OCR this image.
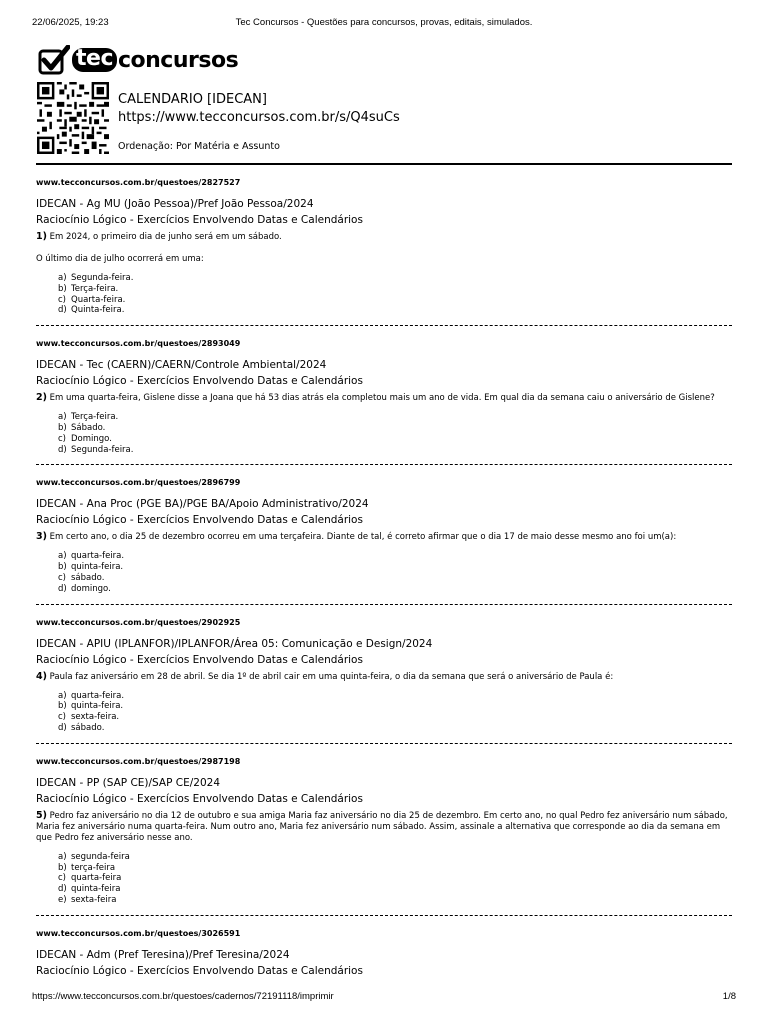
22/06/2025, 19:23	Tec Concursos - Questões para concursos, provas, editais, simulados.
tec concursos
CALENDARIO [IDECAN]
https://www.tecconcursos.com.br/s/Q4suCs
Ordenação: Por Matéria e Assunto
www.tecconcursos.com.br/questoes/2827527
IDECAN - Ag MU (João Pessoa)/Pref João Pessoa/2024
Raciocínio Lógico - Exercícios Envolvendo Datas e Calendários
1) Em 2024, o primeiro dia de junho será em um sábado.
O último dia de julho ocorrerá em uma:
a) Segunda-feira.
b) Terça-feira.
c) Quarta-feira.
d) Quinta-feira.
www.tecconcursos.com.br/questoes/2893049
IDECAN - Tec (CAERN)/CAERN/Controle Ambiental/2024
Raciocínio Lógico - Exercícios Envolvendo Datas e Calendários
2) Em uma quarta-feira, Gislene disse a Joana que há 53 dias atrás ela completou mais um ano de vida. Em qual dia da semana caiu o aniversário de Gislene?
a) Terça-feira.
b) Sábado.
c) Domingo.
d) Segunda-feira.
www.tecconcursos.com.br/questoes/2896799
IDECAN - Ana Proc (PGE BA)/PGE BA/Apoio Administrativo/2024
Raciocínio Lógico - Exercícios Envolvendo Datas e Calendários
3) Em certo ano, o dia 25 de dezembro ocorreu em uma terçafeira. Diante de tal, é correto afirmar que o dia 17 de maio desse mesmo ano foi um(a):
a) quarta-feira.
b) quinta-feira.
c) sábado.
d) domingo.
www.tecconcursos.com.br/questoes/2902925
IDECAN - APIU (IPLANFOR)/IPLANFOR/Área 05: Comunicação e Design/2024
Raciocínio Lógico - Exercícios Envolvendo Datas e Calendários
4) Paula faz aniversário em 28 de abril. Se dia 1º de abril cair em uma quinta-feira, o dia da semana que será o aniversário de Paula é:
a) quarta-feira.
b) quinta-feira.
c) sexta-feira.
d) sábado.
www.tecconcursos.com.br/questoes/2987198
IDECAN - PP (SAP CE)/SAP CE/2024
Raciocínio Lógico - Exercícios Envolvendo Datas e Calendários
5) Pedro faz aniversário no dia 12 de outubro e sua amiga Maria faz aniversário no dia 25 de dezembro. Em certo ano, no qual Pedro fez aniversário num sábado, Maria fez aniversário numa quarta-feira. Num outro ano, Maria fez aniversário num sábado. Assim, assinale a alternativa que corresponde ao dia da semana em que Pedro fez aniversário nesse ano.
a) segunda-feira
b) terça-feira
c) quarta-feira
d) quinta-feira
e) sexta-feira
www.tecconcursos.com.br/questoes/3026591
IDECAN - Adm (Pref Teresina)/Pref Teresina/2024
Raciocínio Lógico - Exercícios Envolvendo Datas e Calendários
https://www.tecconcursos.com.br/questoes/cadernos/72191118/imprimir	1/8
